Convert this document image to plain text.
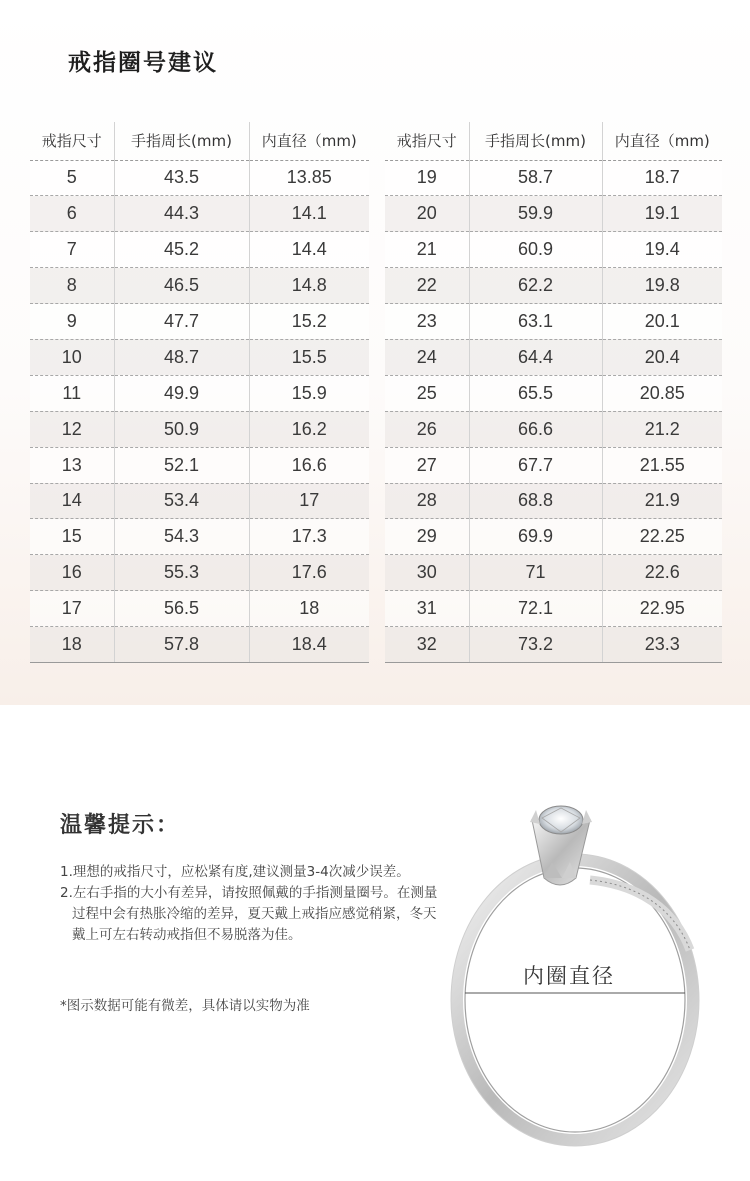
戒指圈号建议
戒指尺寸	手指周长(mm)	内直径（mm)
5	43.5	13.85
6	44.3	14.1
7	45.2	14.4
8	46.5	14.8
9	47.7	15.2
10	48.7	15.5
11	49.9	15.9
12	50.9	16.2
13	52.1	16.6
14	53.4	17
15	54.3	17.3
16	55.3	17.6
17	56.5	18
18	57.8	18.4
戒指尺寸	手指周长(mm)	内直径（mm)
19	58.7	18.7
20	59.9	19.1
21	60.9	19.4
22	62.2	19.8
23	63.1	20.1
24	64.4	20.4
25	65.5	20.85
26	66.6	21.2
27	67.7	21.55
28	68.8	21.9
29	69.9	22.25
30	71	22.6
31	72.1	22.95
32	73.2	23.3
温馨提示：
1.理想的戒指尺寸，应松紧有度,建议测量3-4次减少误差。
2.左右手指的大小有差异，请按照佩戴的手指测量圈号。在测量过程中会有热胀冷缩的差异，夏天戴上戒指应感觉稍紧，冬天戴上可左右转动戒指但不易脱落为佳。

*图示数据可能有微差，具体请以实物为准

内圈直径
